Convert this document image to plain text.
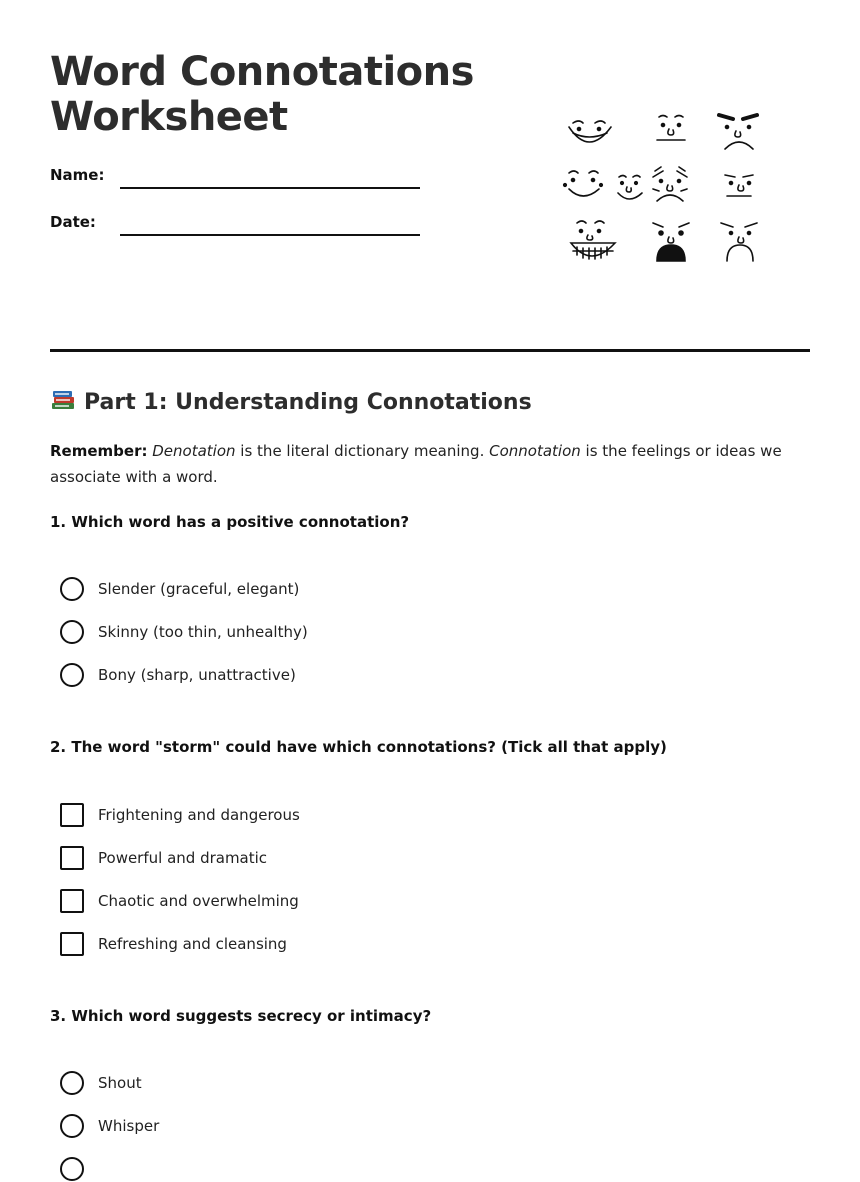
Word Connotations
Worksheet
Name:
Date:
Part 1: Understanding Connotations

Remember: Denotation is the literal dictionary meaning. Connotation is the feelings or ideas we associate with a word.

1. Which word has a positive connotation?

Slender (graceful, elegant)
Skinny (too thin, unhealthy)
Bony (sharp, unattractive)

2. The word "storm" could have which connotations? (Tick all that apply)

Frightening and dangerous
Powerful and dramatic
Chaotic and overwhelming
Refreshing and cleansing

3. Which word suggests secrecy or intimacy?

Shout
Whisper
